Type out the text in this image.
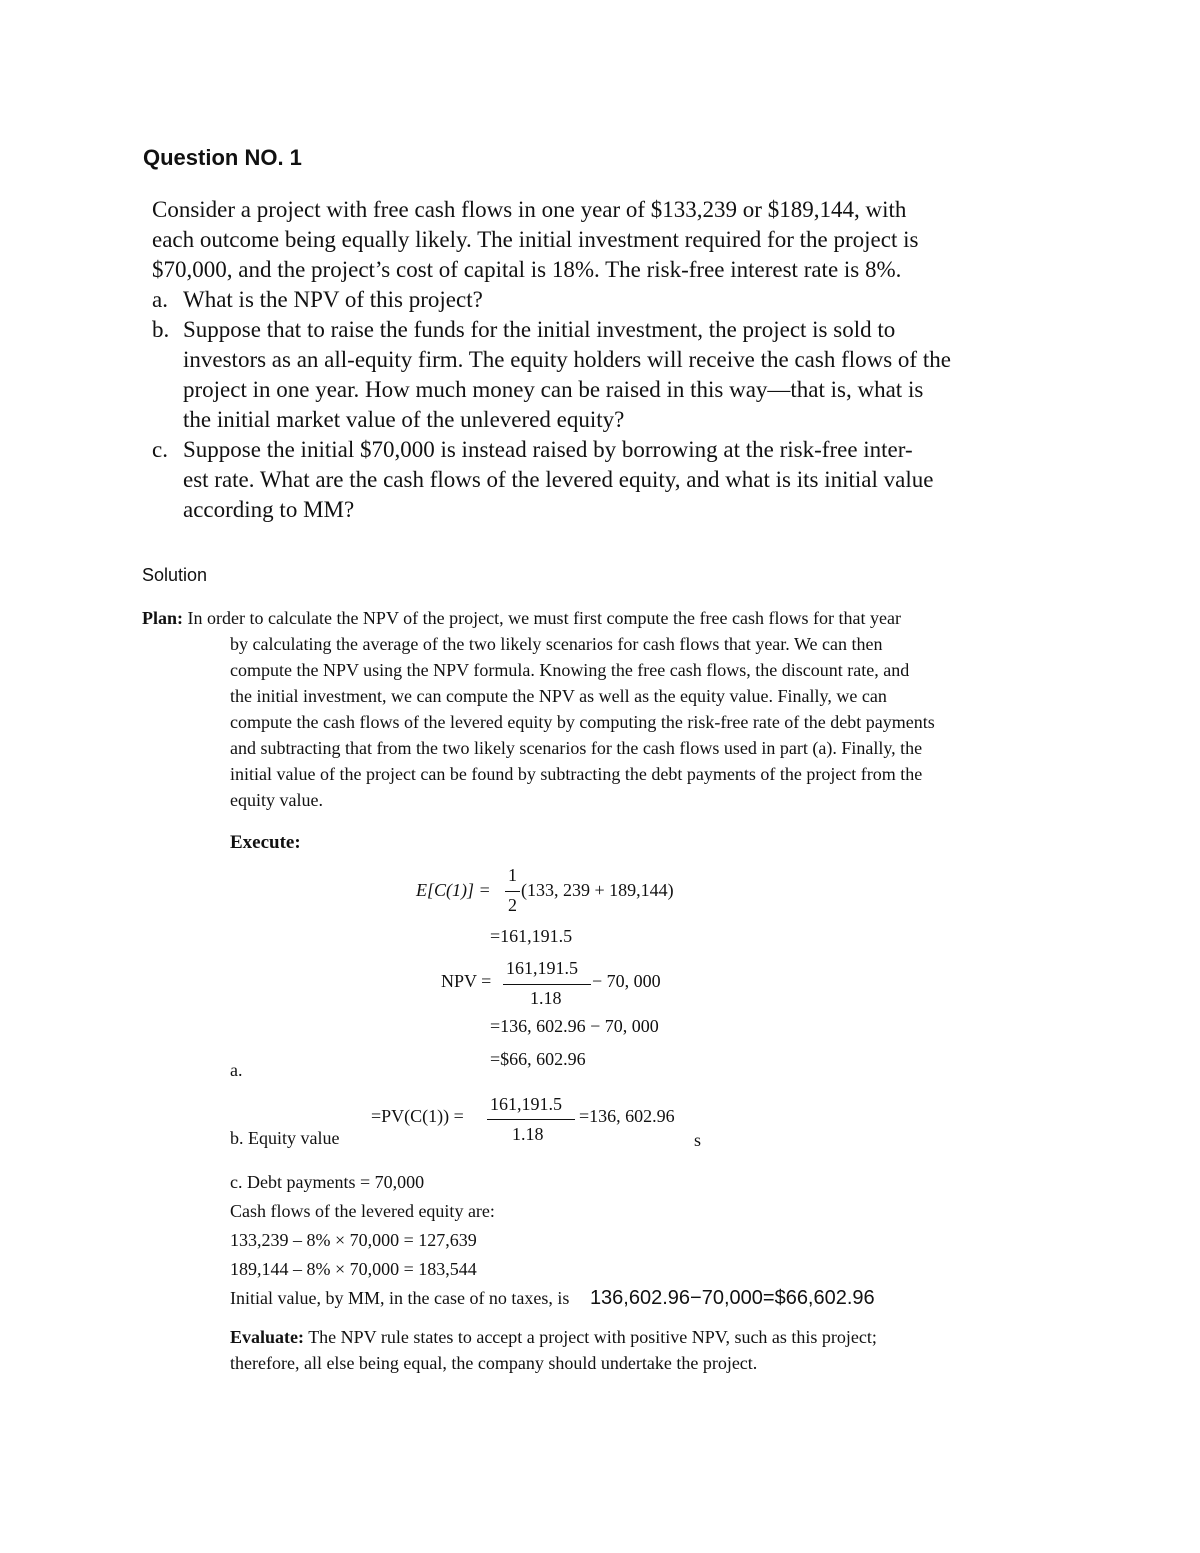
Question NO. 1
Consider a project with free cash flows in one year of $133,239 or $189,144, with
each outcome being equally likely. The initial investment required for the project is
$70,000, and the project’s cost of capital is 18%. The risk-free interest rate is 8%.
a. What is the NPV of this project?
b. Suppose that to raise the funds for the initial investment, the project is sold to
investors as an all-equity firm. The equity holders will receive the cash flows of the
project in one year. How much money can be raised in this way—that is, what is
the initial market value of the unlevered equity?
c. Suppose the initial $70,000 is instead raised by borrowing at the risk-free inter-
est rate. What are the cash flows of the levered equity, and what is its initial value
according to MM?
Solution
Plan: In order to calculate the NPV of the project, we must first compute the free cash flows for that year
by calculating the average of the two likely scenarios for cash flows that year. We can then
compute the NPV using the NPV formula. Knowing the free cash flows, the discount rate, and
the initial investment, we can compute the NPV as well as the equity value. Finally, we can
compute the cash flows of the levered equity by computing the risk-free rate of the debt payments
and subtracting that from the two likely scenarios for the cash flows used in part (a). Finally, the
initial value of the project can be found by subtracting the debt payments of the project from the
equity value.
Execute:
E[C(1)] =
1
2
(133, 239 + 189,144)
=161,191.5
NPV =
161,191.5
1.18
− 70, 000
=136, 602.96 − 70, 000
=$66, 602.96
a.
b. Equity value
=PV(C(1)) =
161,191.5
1.18
=136, 602.96
s
c. Debt payments = 70,000
Cash flows of the levered equity are:
133,239 – 8% × 70,000 = 127,639
189,144 – 8% × 70,000 = 183,544
Initial value, by MM, in the case of no taxes, is 136,602.96−70,000=$66,602.96
Evaluate: The NPV rule states to accept a project with positive NPV, such as this project;
therefore, all else being equal, the company should undertake the project.
